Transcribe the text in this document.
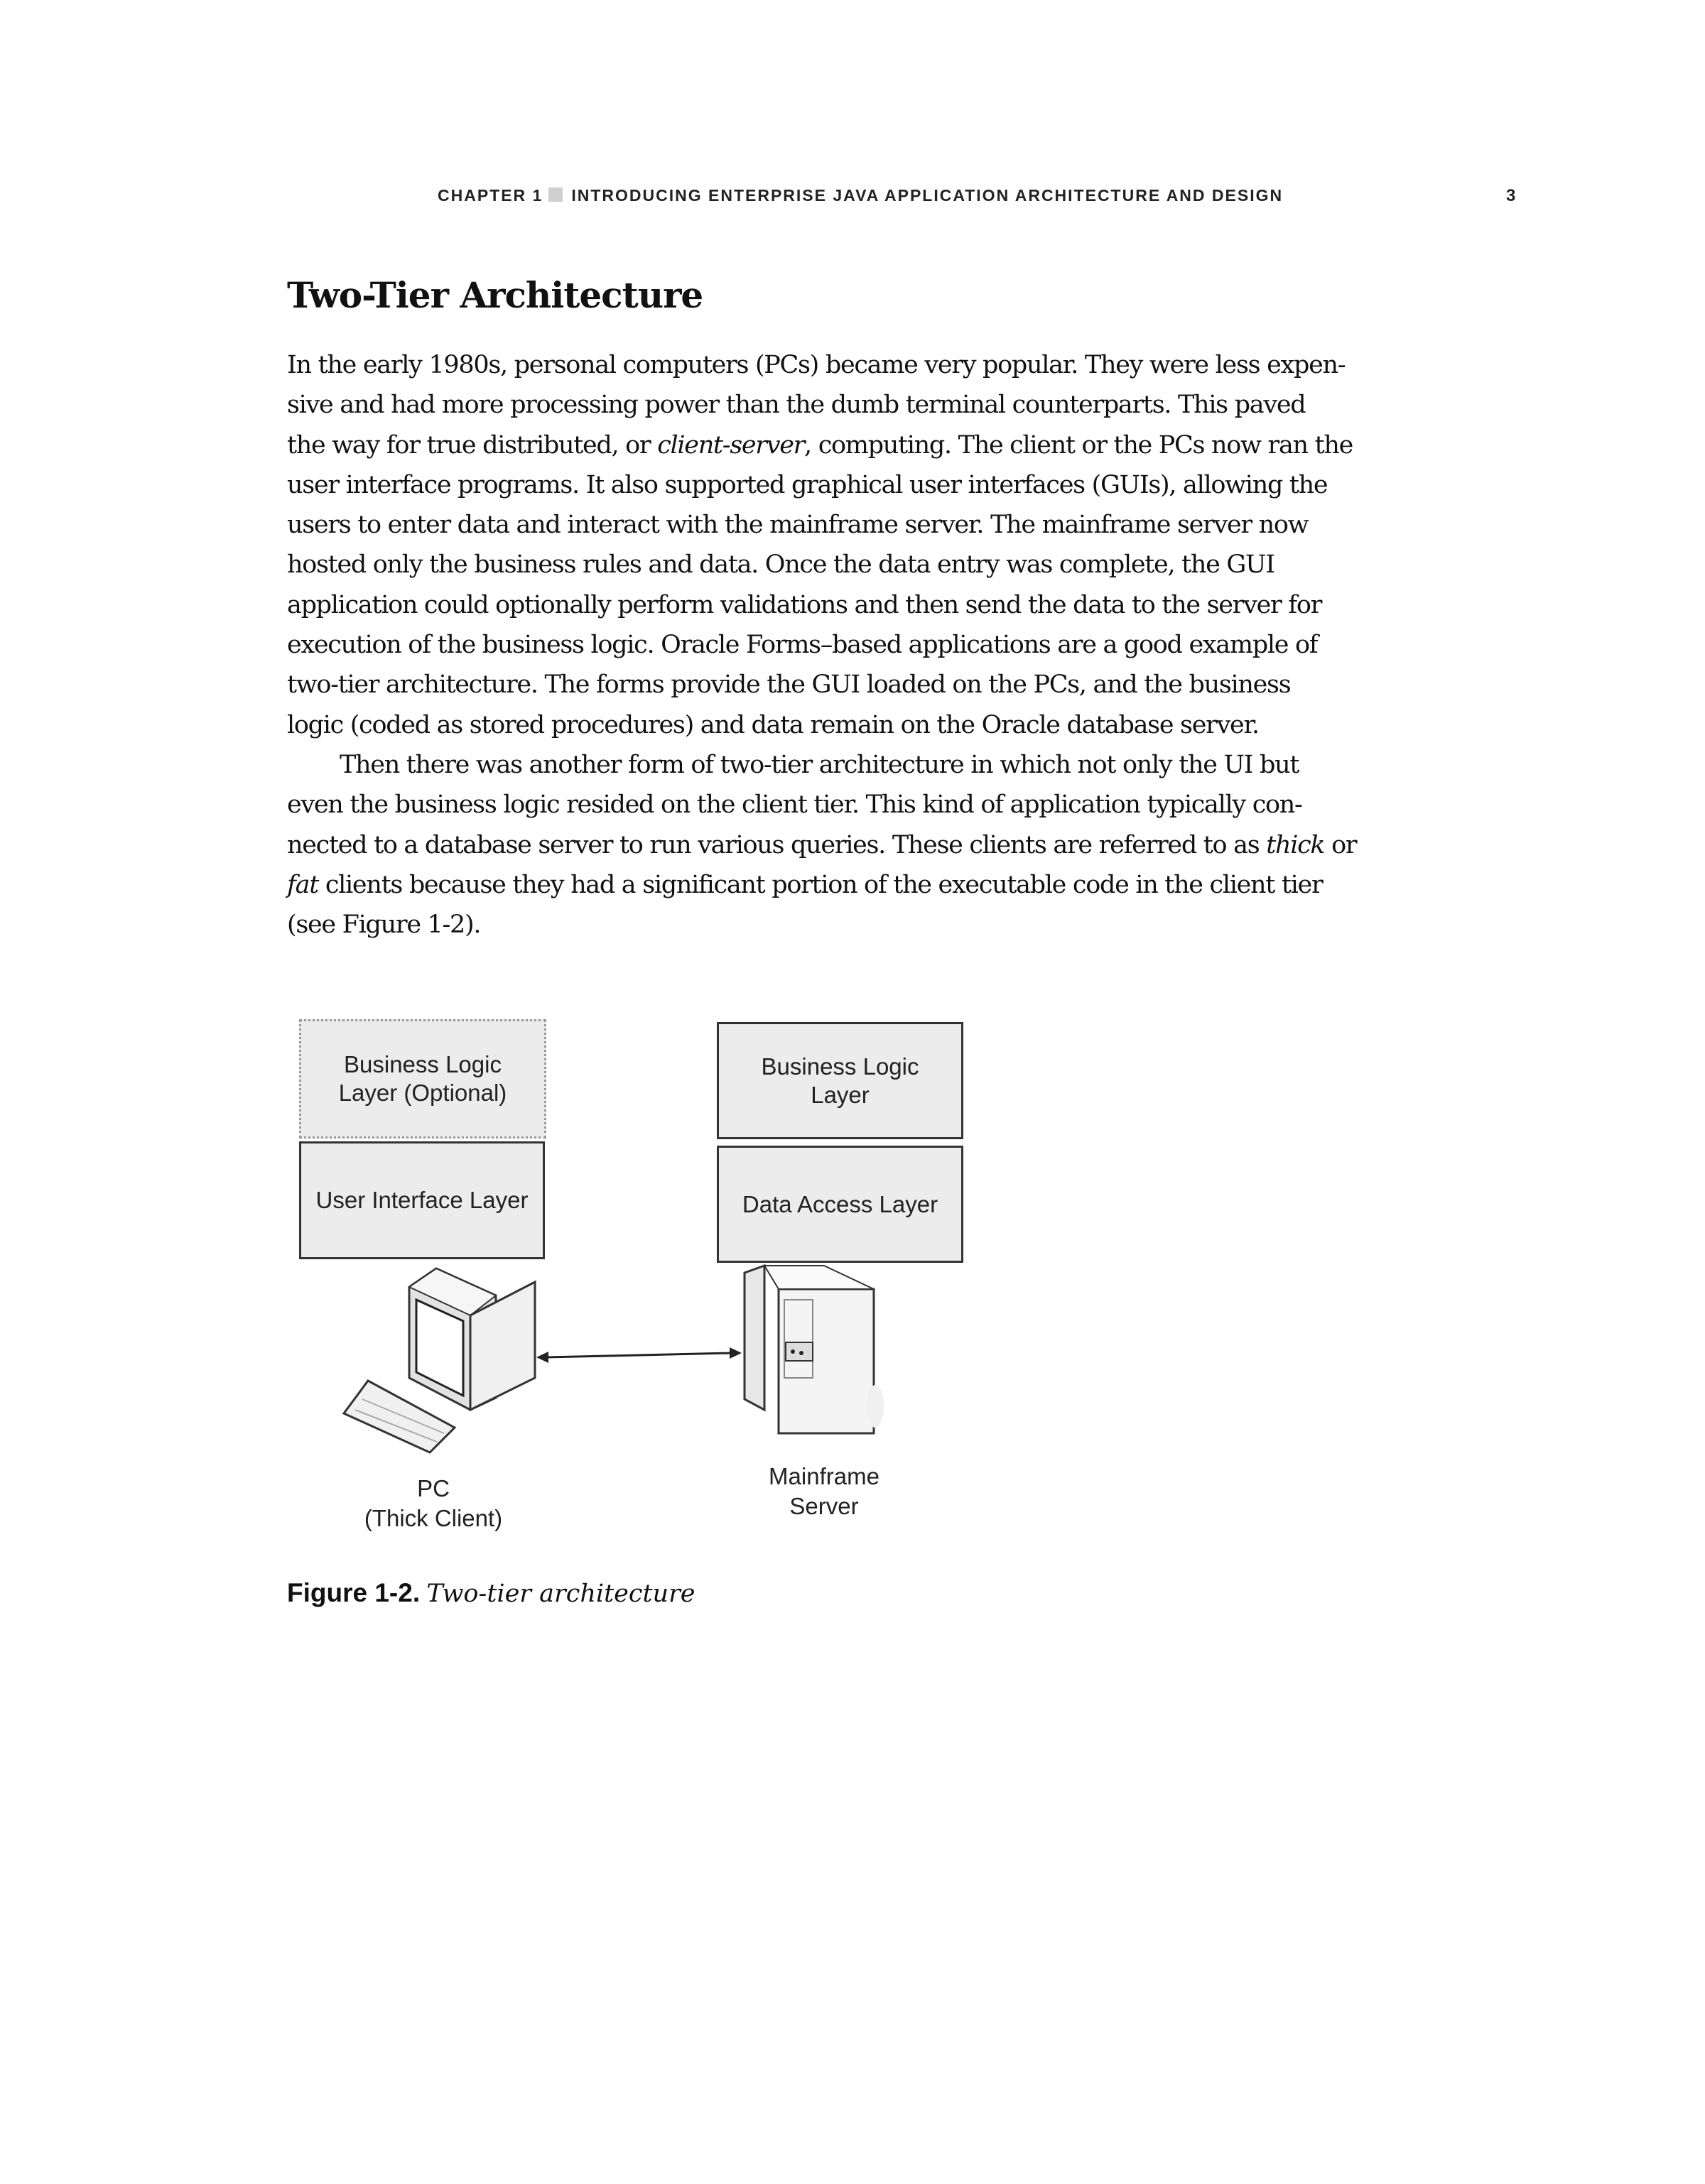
CHAPTER 1 INTRODUCING ENTERPRISE JAVA APPLICATION ARCHITECTURE AND DESIGN	3
Two-Tier Architecture

In the early 1980s, personal computers (PCs) became very popular. They were less expen-
sive and had more processing power than the dumb terminal counterparts. This paved
the way for true distributed, or client-server, computing. The client or the PCs now ran the
user interface programs. It also supported graphical user interfaces (GUIs), allowing the
users to enter data and interact with the mainframe server. The mainframe server now
hosted only the business rules and data. Once the data entry was complete, the GUI
application could optionally perform validations and then send the data to the server for
execution of the business logic. Oracle Forms–based applications are a good example of
two-tier architecture. The forms provide the GUI loaded on the PCs, and the business
logic (coded as stored procedures) and data remain on the Oracle database server.

Then there was another form of two-tier architecture in which not only the UI but
even the business logic resided on the client tier. This kind of application typically con-
nected to a database server to run various queries. These clients are referred to as thick or
fat clients because they had a significant portion of the executable code in the client tier
(see Figure 1-2).

Business Logic
Layer (Optional)
User Interface Layer
Business Logic
Layer
Data Access Layer
PC
(Thick Client)
Mainframe
Server
Figure 1-2. Two-tier architecture
